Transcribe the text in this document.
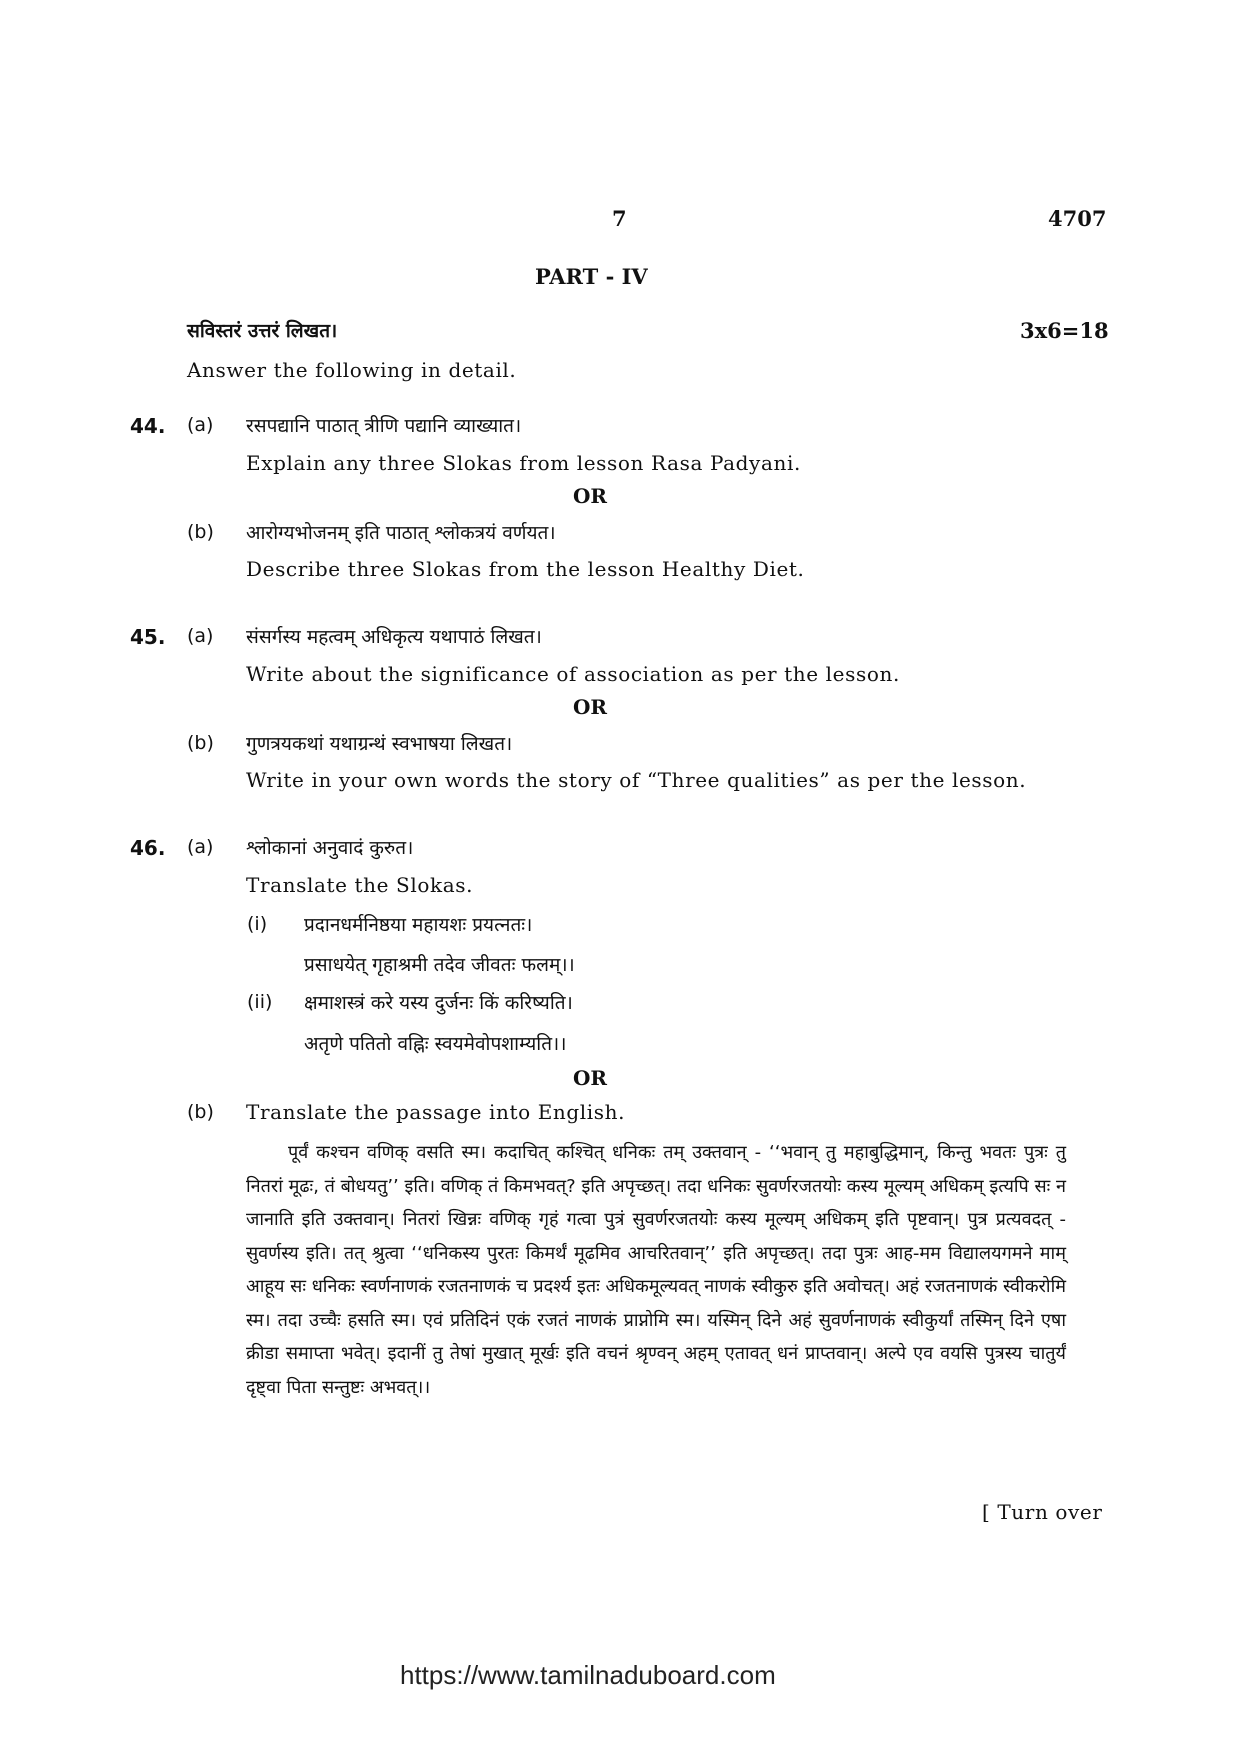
7	4707
PART - IV
सविस्तरं उत्तरं लिखत।	3x6=18
Answer the following in detail.
44. (a) रसपद्यानि पाठात् त्रीणि पद्यानि व्याख्यात।
Explain any three Slokas from lesson Rasa Padyani.
OR
(b) आरोग्यभोजनम् इति पाठात् श्लोकत्रयं वर्णयत।
Describe three Slokas from the lesson Healthy Diet.
45. (a) संसर्गस्य महत्वम् अधिकृत्य यथापाठं लिखत।
Write about the significance of association as per the lesson.
OR
(b) गुणत्रयकथां यथाग्रन्थं स्वभाषया लिखत।
Write in your own words the story of “Three qualities” as per the lesson.
46. (a) श्लोकानां अनुवादं कुरुत।
Translate the Slokas.
(i) प्रदानधर्मनिष्ठया महायशः प्रयत्नतः।
प्रसाधयेत् गृहाश्रमी तदेव जीवतः फलम्।।
(ii) क्षमाशस्त्रं करे यस्य दुर्जनः किं करिष्यति।
अतृणे पतितो वह्निः स्वयमेवोपशाम्यति।।
OR
(b) Translate the passage into English.
पूर्वं कश्चन वणिक् वसति स्म। कदाचित् कश्चित् धनिकः तम् उक्तवान् - ‘‘भवान् तु महाबुद्धिमान्, किन्तु भवतः पुत्रः तु नितरां मूढः, तं बोधयतु’’ इति। वणिक् तं किमभवत्? इति अपृच्छत्। तदा धनिकः सुवर्णरजतयोः कस्य मूल्यम् अधिकम् इत्यपि सः न जानाति इति उक्तवान्। नितरां खिन्नः वणिक् गृहं गत्वा पुत्रं सुवर्णरजतयोः कस्य मूल्यम् अधिकम् इति पृष्टवान्। पुत्र प्रत्यवदत् - सुवर्णस्य इति। तत् श्रुत्वा ‘‘धनिकस्य पुरतः किमर्थं मूढमिव आचरितवान्’’ इति अपृच्छत्। तदा पुत्रः आह-मम विद्यालयगमने माम् आहूय सः धनिकः स्वर्णनाणकं रजतनाणकं च प्रदर्श्य इतः अधिकमूल्यवत् नाणकं स्वीकुरु इति अवोचत्। अहं रजतनाणकं स्वीकरोमि स्म। तदा उच्चैः हसति स्म। एवं प्रतिदिनं एकं रजतं नाणकं प्राप्नोमि स्म। यस्मिन् दिने अहं सुवर्णनाणकं स्वीकुर्यां तस्मिन् दिने एषा क्रीडा समाप्ता भवेत्। इदानीं तु तेषां मुखात् मूर्खः इति वचनं श्रृण्वन् अहम् एतावत् धनं प्राप्तवान्। अल्पे एव वयसि पुत्रस्य चातुर्यं दृष्ट्वा पिता सन्तुष्टः अभवत्।।
[ Turn over
https://www.tamilnaduboard.com
